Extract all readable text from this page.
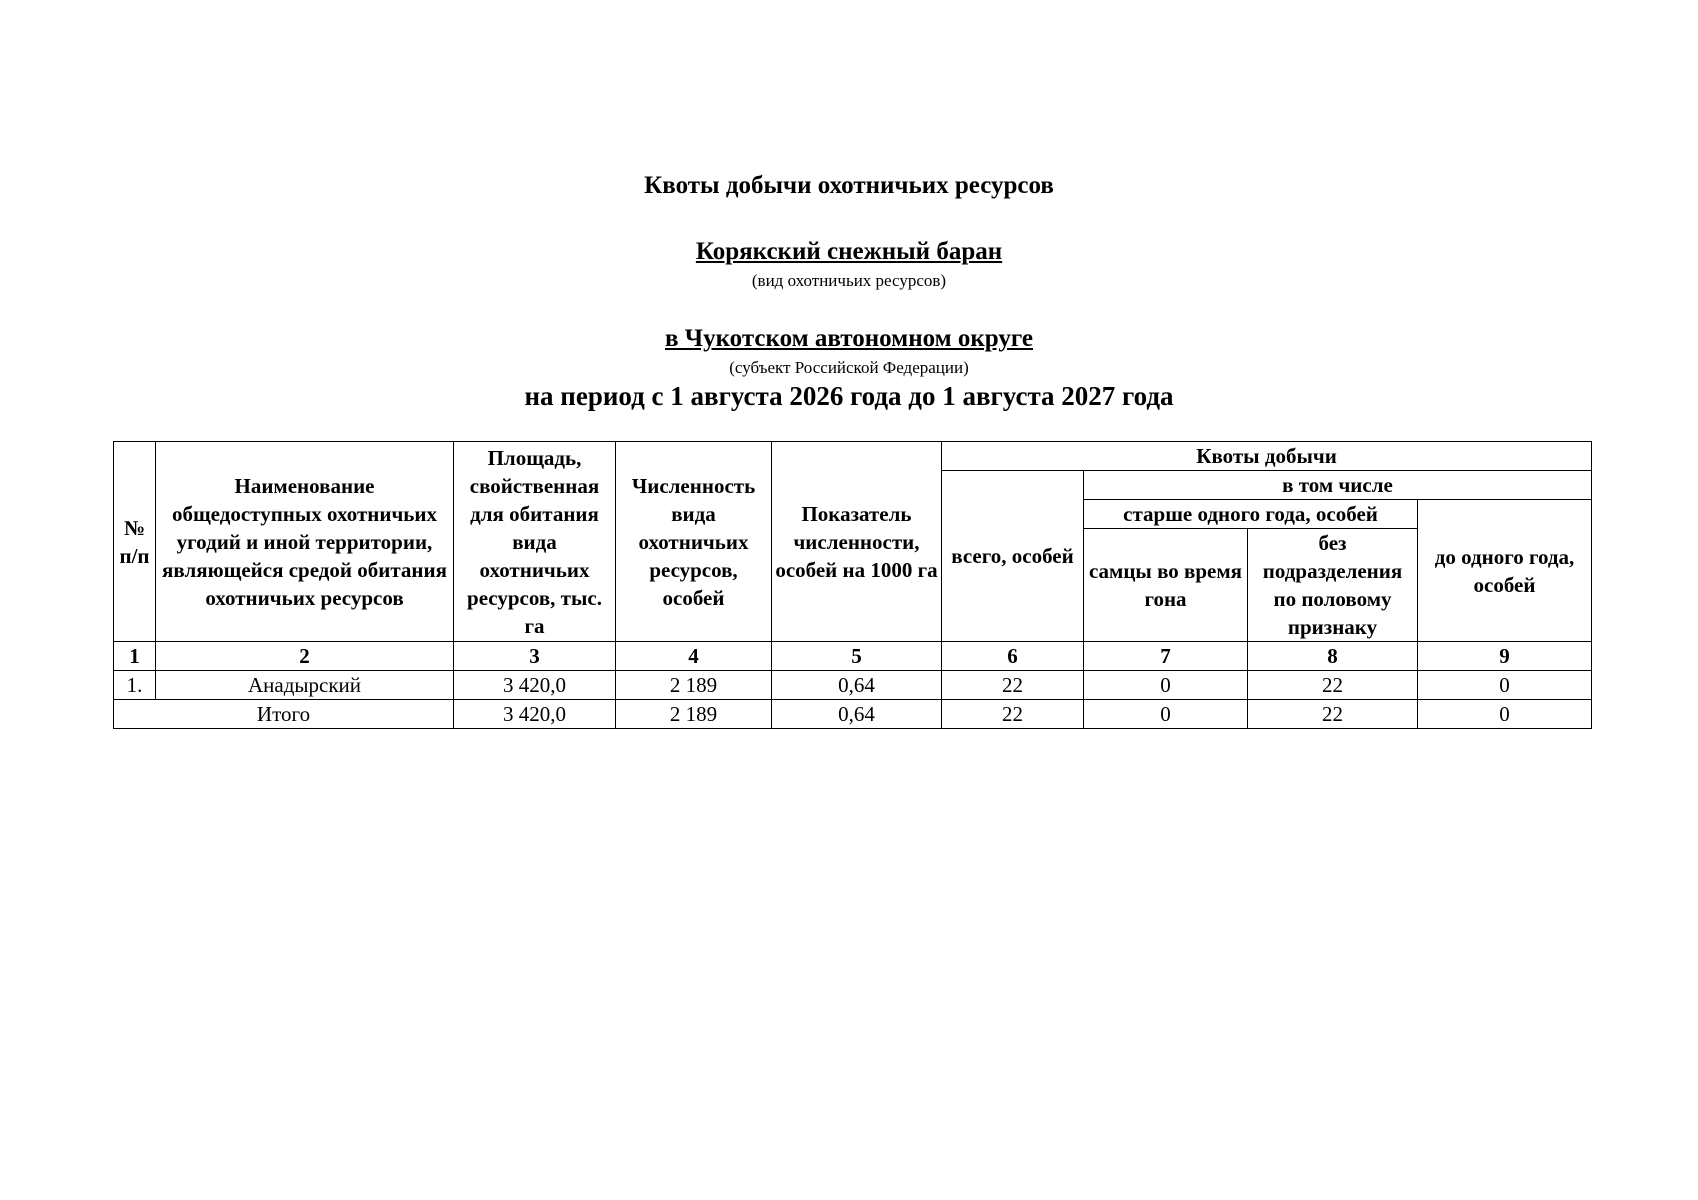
Квоты добычи охотничьих ресурсов
Корякский снежный баран
(вид охотничьих ресурсов)
в Чукотском автономном округе
(субъект Российской Федерации)
на период с 1 августа 2026 года до 1 августа 2027 года
№ п/п	Наименование общедоступных охотничьих угодий и иной территории, являющейся средой обитания охотничьих ресурсов	Площадь, свойственная для обитания вида охотничьих ресурсов, тыс. га	Численность вида охотничьих ресурсов, особей	Показатель численности, особей на 1000 га	Квоты добычи			
					всего, особей	в том числе		
						старше одного года, особей		до одного года, особей
						самцы во время гона	без подразделения по половому признаку	
1	2	3	4	5	6	7	8	9
1.	Анадырский	3 420,0	2 189	0,64	22	0	22	0
Итого		3 420,0	2 189	0,64	22	0	22	0
